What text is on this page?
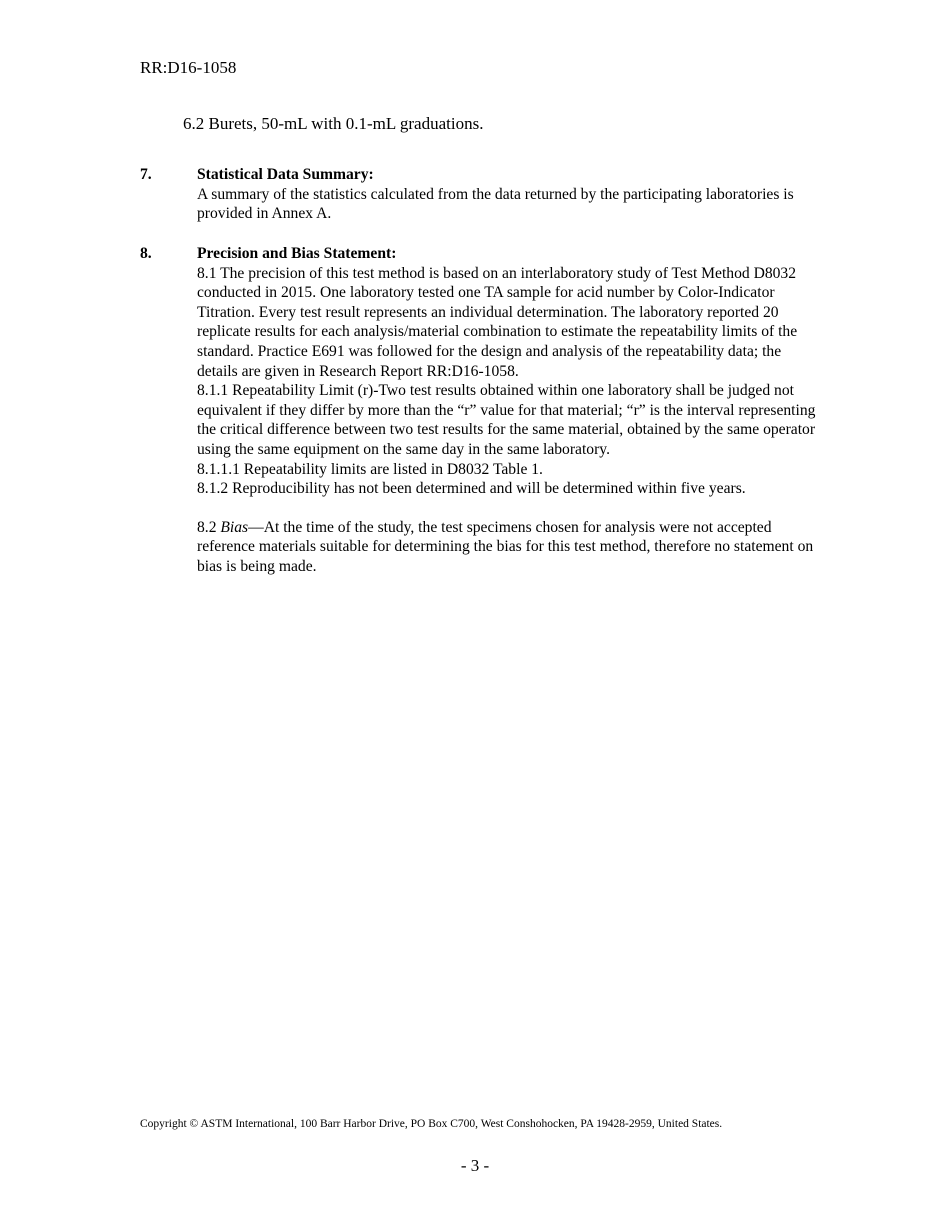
RR:D16-1058
6.2 Burets, 50-mL with 0.1-mL graduations.
7.	Statistical Data Summary:

A summary of the statistics calculated from the data returned by the participating laboratories is provided in Annex A.

8.	Precision and Bias Statement:

8.1 The precision of this test method is based on an interlaboratory study of Test Method D8032 conducted in 2015. One laboratory tested one TA sample for acid number by Color-Indicator Titration. Every test result represents an individual determination. The laboratory reported 20 replicate results for each analysis/material combination to estimate the repeatability limits of the standard. Practice E691 was followed for the design and analysis of the repeatability data; the details are given in Research Report RR:D16-1058.

8.1.1 Repeatability Limit (r)-Two test results obtained within one laboratory shall be judged not equivalent if they differ by more than the “r” value for that material; “r” is the interval representing the critical difference between two test results for the same material, obtained by the same operator using the same equipment on the same day in the same laboratory.

8.1.1.1 Repeatability limits are listed in D8032 Table 1.

8.1.2 Reproducibility has not been determined and will be determined within five years.

8.2 Bias—At the time of the study, the test specimens chosen for analysis were not accepted reference materials suitable for determining the bias for this test method, therefore no statement on bias is being made.

Copyright © ASTM International, 100 Barr Harbor Drive, PO Box C700, West Conshohocken, PA 19428-2959, United States.
- 3 -
